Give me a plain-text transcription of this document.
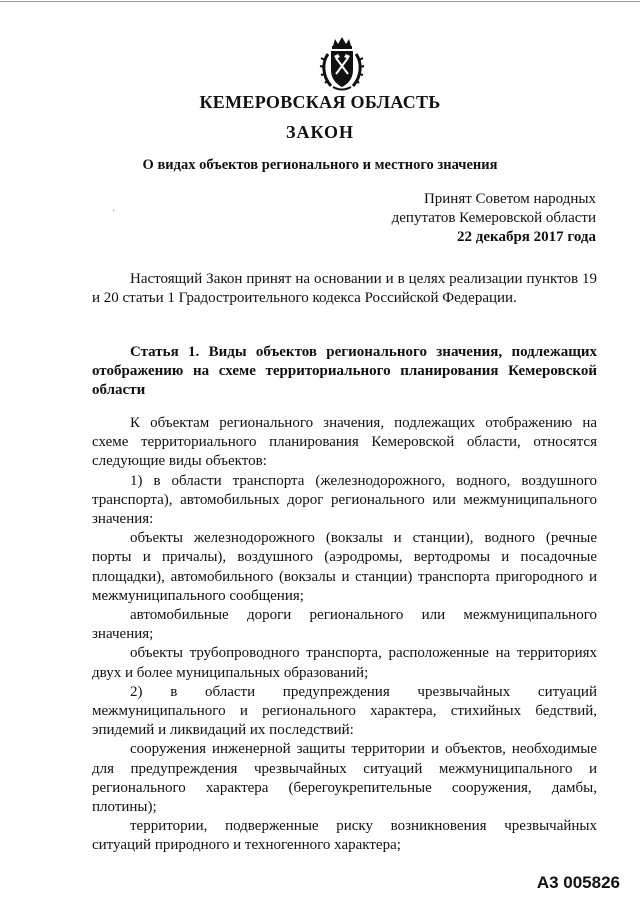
КЕМЕРОВСКАЯ ОБЛАСТЬ
ЗАКОН
О видах объектов регионального и местного значения
Принят Советом народных
депутатов Кемеровской области
22 декабря 2017 года
·
Настоящий Закон принят на основании и в целях реализации пунктов 19 и 20 статьи 1 Градостроительного кодекса Российской Федерации.
Статья 1. Виды объектов регионального значения, подлежащих отображению на схеме территориального планирования Кемеровской области

К объектам регионального значения, подлежащих отображению на схеме территориального планирования Кемеровской области, относятся следующие виды объектов:

1) в области транспорта (железнодорожного, водного, воздушного транспорта), автомобильных дорог регионального или межмуниципального значения:

объекты железнодорожного (вокзалы и станции), водного (речные порты и причалы), воздушного (аэродромы, вертодромы и посадочные площадки), автомобильного (вокзалы и станции) транспорта пригородного и межмуниципального сообщения;

автомобильные дороги регионального или межмуниципального значения;

объекты трубопроводного транспорта, расположенные на территориях двух и более муниципальных образований;

2) в области предупреждения чрезвычайных ситуаций межмуниципального и регионального характера, стихийных бедствий, эпидемий и ликвидаций их последствий:

сооружения инженерной защиты территории и объектов, необходимые для предупреждения чрезвычайных ситуаций межмуниципального и регионального характера (берегоукрепительные сооружения, дамбы, плотины);

территории, подверженные риску возникновения чрезвычайных ситуаций природного и техногенного характера;

А3 005826
